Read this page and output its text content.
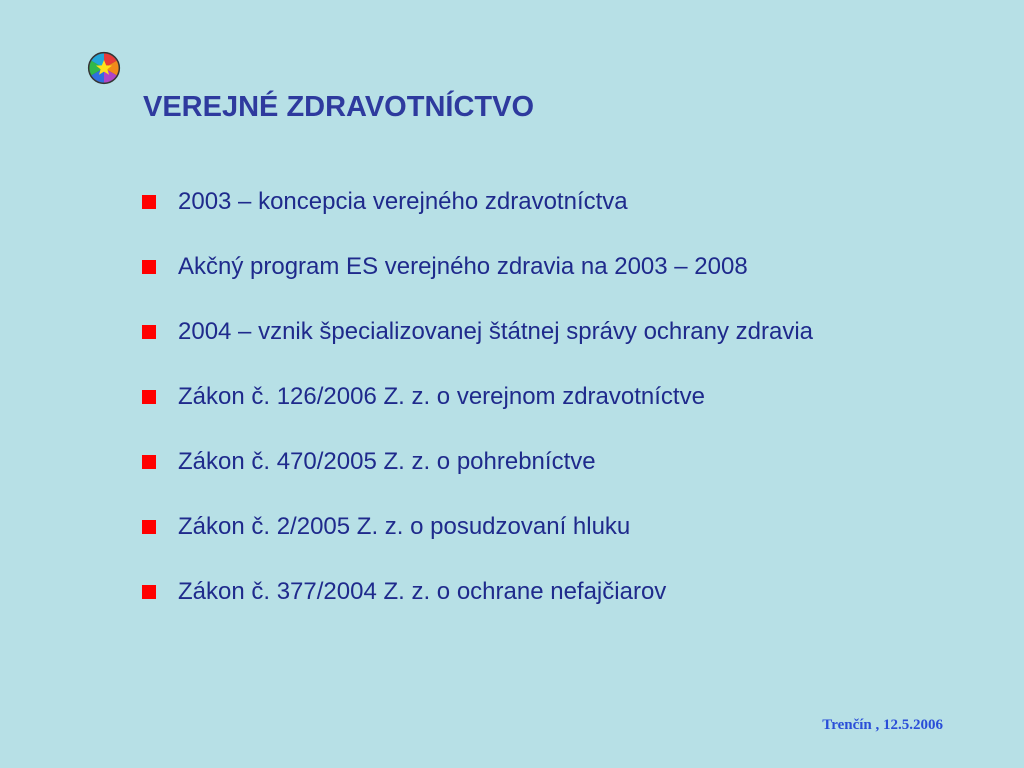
VEREJNÉ ZDRAVOTNÍCTVO
2003 – koncepcia verejného zdravotníctva
Akčný program ES verejného zdravia na 2003 – 2008
2004 – vznik špecializovanej štátnej správy ochrany zdravia
Zákon č. 126/2006 Z. z. o verejnom zdravotníctve
Zákon č. 470/2005 Z. z. o pohrebníctve
Zákon č. 2/2005 Z. z. o posudzovaní hluku
Zákon č. 377/2004 Z. z. o ochrane nefajčiarov
Trenčín , 12.5.2006
